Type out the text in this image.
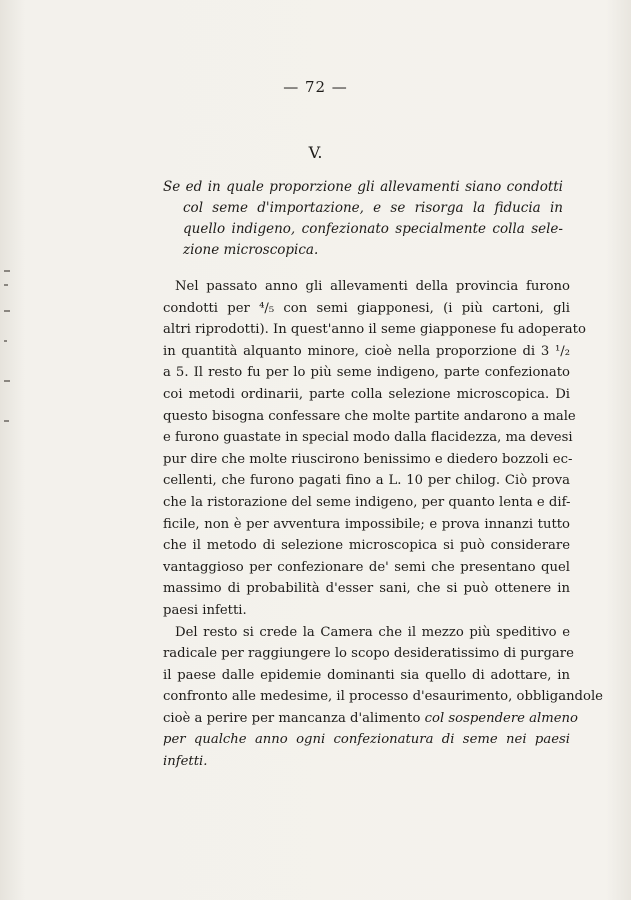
— 72 —
V.
Se ed in quale proporzione gli allevamenti siano condotti
col seme d'importazione, e se risorga la fiducia in
quello indigeno, confezionato specialmente colla sele-
zione microscopica.
Nel passato anno gli allevamenti della provincia furono
condotti per ⁴/₅ con semi giapponesi, (i più cartoni, gli
altri riprodotti). In quest'anno il seme giapponese fu adoperato
in quantità alquanto minore, cioè nella proporzione di 3 ¹/₂
a 5. Il resto fu per lo più seme indigeno, parte confezionato
coi metodi ordinarii, parte colla selezione microscopica. Di
questo bisogna confessare che molte partite andarono a male
e furono guastate in special modo dalla flacidezza, ma devesi
pur dire che molte riuscirono benissimo e diedero bozzoli ec-
cellenti, che furono pagati fino a L. 10 per chilog. Ciò prova
che la ristorazione del seme indigeno, per quanto lenta e dif-
ficile, non è per avventura impossibile; e prova innanzi tutto
che il metodo di selezione microscopica si può considerare
vantaggioso per confezionare de' semi che presentano quel
massimo di probabilità d'esser sani, che si può ottenere in
paesi infetti.
Del resto si crede la Camera che il mezzo più speditivo e
radicale per raggiungere lo scopo desideratissimo di purgare
il paese dalle epidemie dominanti sia quello di adottare, in
confronto alle medesime, il processo d'esaurimento, obbligandole
cioè a perire per mancanza d'alimento col sospendere almeno
per qualche anno ogni confezionatura di seme nei paesi
infetti.
